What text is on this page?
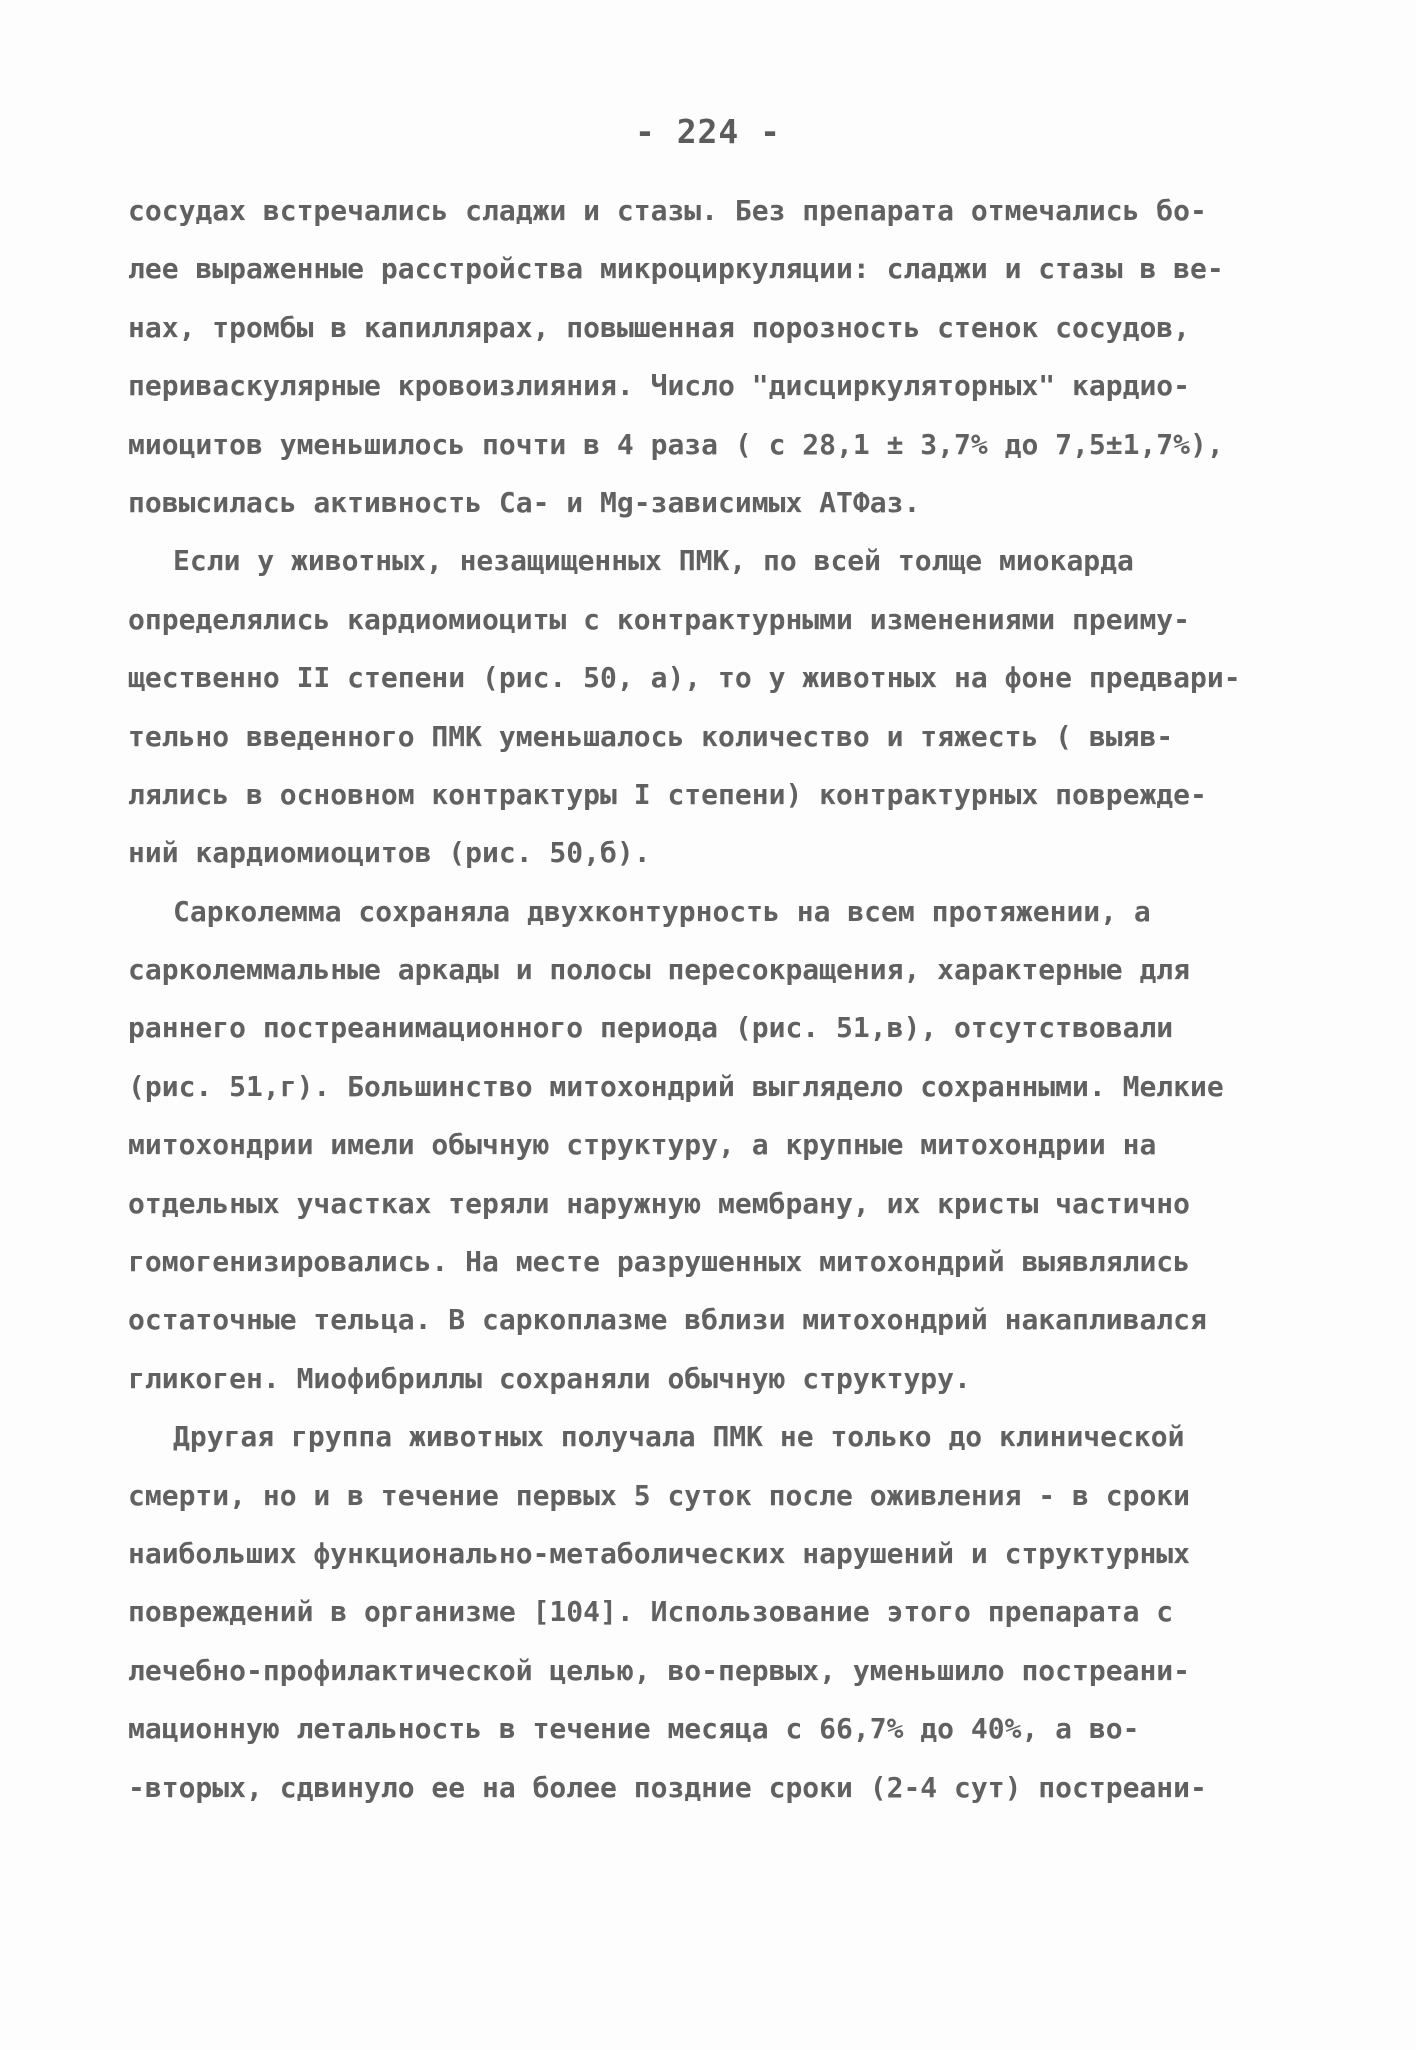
- 224 -
сосудах встречались сладжи и стазы. Без препарата отмечались бо-
лее выраженные расстройства микроциркуляции: сладжи и стазы в ве-
нах, тромбы в капиллярах, повышенная порозность стенок сосудов,
периваскулярные кровоизлияния. Число "дисциркуляторных" кардио-
миоцитов уменьшилось почти в 4 раза ( с 28,1 ± 3,7% до 7,5±1,7%),
повысилась активность Са- и Mg-зависимых АТФаз.
Если у животных, незащищенных ПМК, по всей толще миокарда
определялись кардиомиоциты с контрактурными изменениями преиму-
щественно II степени (рис. 50, а), то у животных на фоне предвари-
тельно введенного ПМК уменьшалось количество и тяжесть ( выяв-
лялись в основном контрактуры I степени) контрактурных поврежде-
ний кардиомиоцитов (рис. 50,б).
Сарколемма сохраняла двухконтурность на всем протяжении, а
сарколеммальные аркады и полосы пересокращения, характерные для
раннего постреанимационного периода (рис. 51,в), отсутствовали
(рис. 51,г). Большинство митохондрий выглядело сохранными. Мелкие
митохондрии имели обычную структуру, а крупные митохондрии на
отдельных участках теряли наружную мембрану, их кристы частично
гомогенизировались. На месте разрушенных митохондрий выявлялись
остаточные тельца. В саркоплазме вблизи митохондрий накапливался
гликоген. Миофибриллы сохраняли обычную структуру.
Другая группа животных получала ПМК не только до клинической
смерти, но и в течение первых 5 суток после оживления - в сроки
наибольших функционально-метаболических нарушений и структурных
повреждений в организме [104]. Использование этого препарата с
лечебно-профилактической целью, во-первых, уменьшило постреани-
мационную летальность в течение месяца с 66,7% до 40%, а во-
-вторых, сдвинуло ее на более поздние сроки (2-4 сут) постреани-
